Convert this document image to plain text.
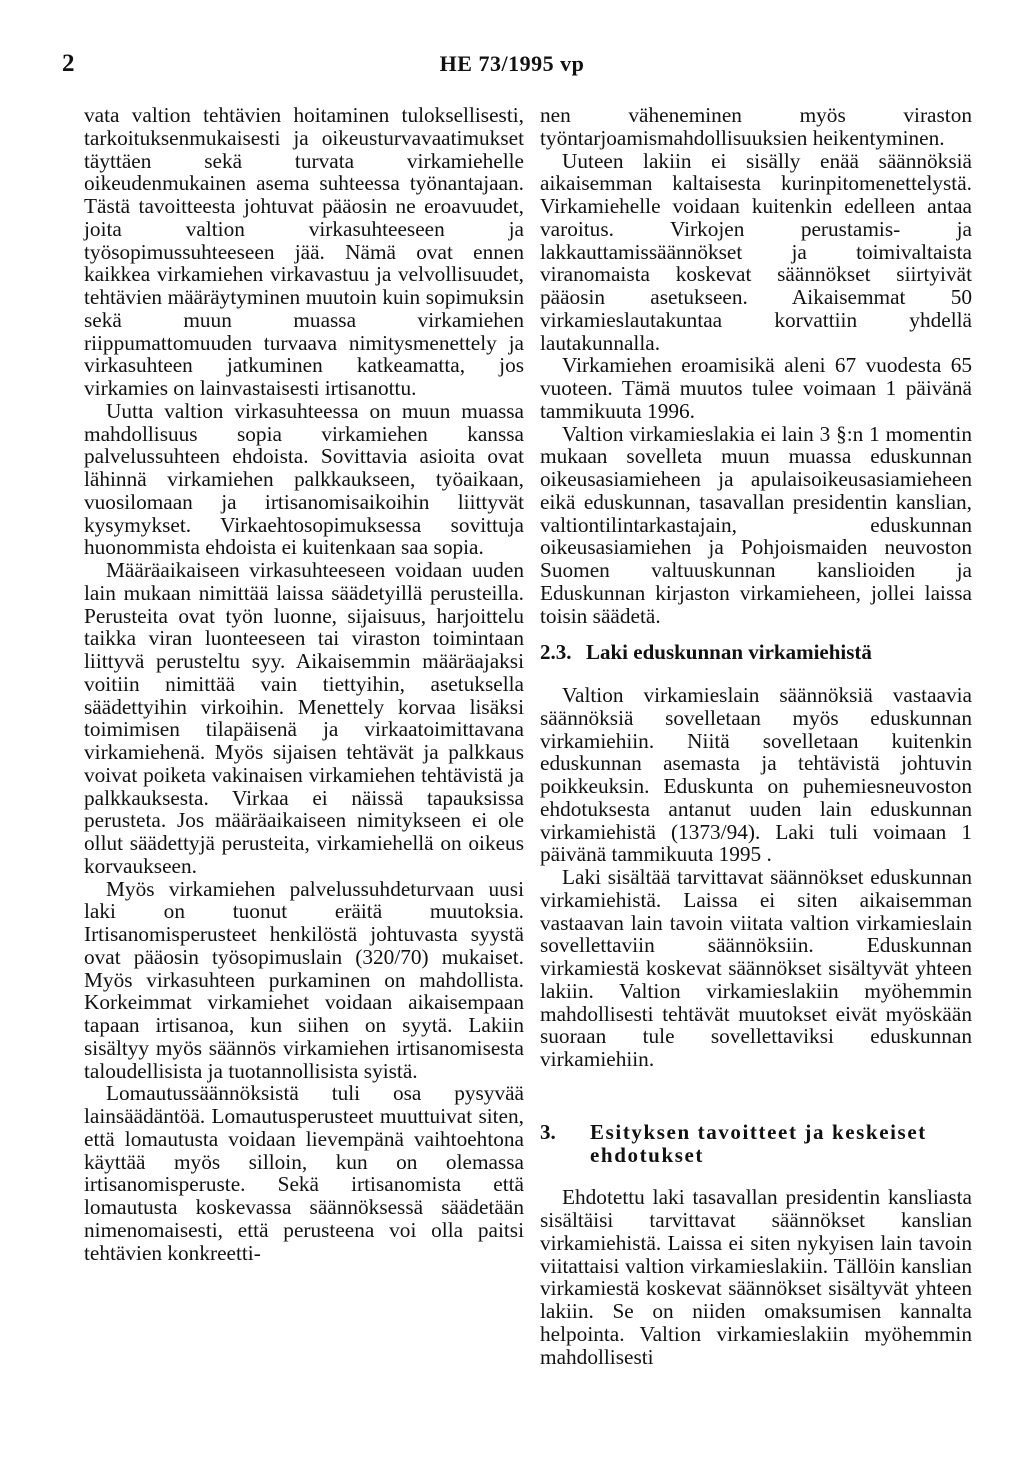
2	HE 73/1995 vp

vata valtion tehtävien hoitaminen tuloksellisesti, tarkoituksenmukaisesti ja oikeusturvavaatimukset täyttäen sekä turvata virkamiehelle oikeudenmukainen asema suhteessa työnantajaan. Tästä tavoitteesta johtuvat pääosin ne eroavuudet, joita valtion virkasuhteeseen ja työsopimussuhteeseen jää. Nämä ovat ennen kaikkea virkamiehen virkavastuu ja velvollisuudet, tehtävien määräytyminen muutoin kuin sopimuksin sekä muun muassa virkamiehen riippumattomuuden turvaava nimitysmenettely ja virkasuhteen jatkuminen katkeamatta, jos virkamies on lainvastaisesti irtisanottu.

Uutta valtion virkasuhteessa on muun muassa mahdollisuus sopia virkamiehen kanssa palvelussuhteen ehdoista. Sovittavia asioita ovat lähinnä virkamiehen palkkaukseen, työaikaan, vuosilomaan ja irtisanomisaikoihin liittyvät kysymykset. Virkaehtosopimuksessa sovittuja huonommista ehdoista ei kuitenkaan saa sopia.

Määräaikaiseen virkasuhteeseen voidaan uuden lain mukaan nimittää laissa säädetyillä perusteilla. Perusteita ovat työn luonne, sijaisuus, harjoittelu taikka viran luonteeseen tai viraston toimintaan liittyvä perusteltu syy. Aikaisemmin määräajaksi voitiin nimittää vain tiettyihin, asetuksella säädettyihin virkoihin. Menettely korvaa lisäksi toimimisen tilapäisenä ja virkaatoimittavana virkamiehenä. Myös sijaisen tehtävät ja palkkaus voivat poiketa vakinaisen virkamiehen tehtävistä ja palkkauksesta. Virkaa ei näissä tapauksissa perusteta. Jos määräaikaiseen nimitykseen ei ole ollut säädettyjä perusteita, virkamiehellä on oikeus korvaukseen.

Myös virkamiehen palvelussuhdeturvaan uusi laki on tuonut eräitä muutoksia. Irtisanomisperusteet henkilöstä johtuvasta syystä ovat pääosin työsopimuslain (320/70) mukaiset. Myös virkasuhteen purkaminen on mahdollista. Korkeimmat virkamiehet voidaan aikaisempaan tapaan irtisanoa, kun siihen on syytä. Lakiin sisältyy myös säännös virkamiehen irtisanomisesta taloudellisista ja tuotannollisista syistä.

Lomautussäännöksistä tuli osa pysyvää lainsäädäntöä. Lomautusperusteet muuttuivat siten, että lomautusta voidaan lievempänä vaihtoehtona käyttää myös silloin, kun on olemassa irtisanomisperuste. Sekä irtisanomista että lomautusta koskevassa säännöksessä säädetään nimenomaisesti, että perusteena voi olla paitsi tehtävien konkreetti-

nen väheneminen myös viraston työntarjoamismahdollisuuksien heikentyminen.

Uuteen lakiin ei sisälly enää säännöksiä aikaisemman kaltaisesta kurinpitomenettelystä. Virkamiehelle voidaan kuitenkin edelleen antaa varoitus. Virkojen perustamis- ja lakkauttamissäännökset ja toimivaltaista viranomaista koskevat säännökset siirtyivät pääosin asetukseen. Aikaisemmat 50 virkamieslautakuntaa korvattiin yhdellä lautakunnalla.

Virkamiehen eroamisikä aleni 67 vuodesta 65 vuoteen. Tämä muutos tulee voimaan 1 päivänä tammikuuta 1996.

Valtion virkamieslakia ei lain 3 §:n 1 momentin mukaan sovelleta muun muassa eduskunnan oikeusasiamieheen ja apulaisoikeusasiamieheen eikä eduskunnan, tasavallan presidentin kanslian, valtiontilintarkastajain, eduskunnan oikeusasiamiehen ja Pohjoismaiden neuvoston Suomen valtuuskunnan kanslioiden ja Eduskunnan kirjaston virkamieheen, jollei laissa toisin säädetä.

2.3. Laki eduskunnan virkamiehistä

Valtion virkamieslain säännöksiä vastaavia säännöksiä sovelletaan myös eduskunnan virkamiehiin. Niitä sovelletaan kuitenkin eduskunnan asemasta ja tehtävistä johtuvin poikkeuksin. Eduskunta on puhemiesneuvoston ehdotuksesta antanut uuden lain eduskunnan virkamiehistä (1373/94). Laki tuli voimaan 1 päivänä tammikuuta 1995 .

Laki sisältää tarvittavat säännökset eduskunnan virkamiehistä. Laissa ei siten aikaisemman vastaavan lain tavoin viitata valtion virkamieslain sovellettaviin säännöksiin. Eduskunnan virkamiestä koskevat säännökset sisältyvät yhteen lakiin. Valtion virkamieslakiin myöhemmin mahdollisesti tehtävät muutokset eivät myöskään suoraan tule sovellettaviksi eduskunnan virkamiehiin.

3.	Esityksen tavoitteet ja keskeiset ehdotukset

Ehdotettu laki tasavallan presidentin kansliasta sisältäisi tarvittavat säännökset kanslian virkamiehistä. Laissa ei siten nykyisen lain tavoin viitattaisi valtion virkamieslakiin. Tällöin kanslian virkamiestä koskevat säännökset sisältyvät yhteen lakiin. Se on niiden omaksumisen kannalta helpointa. Valtion virkamieslakiin myöhemmin mahdollisesti
